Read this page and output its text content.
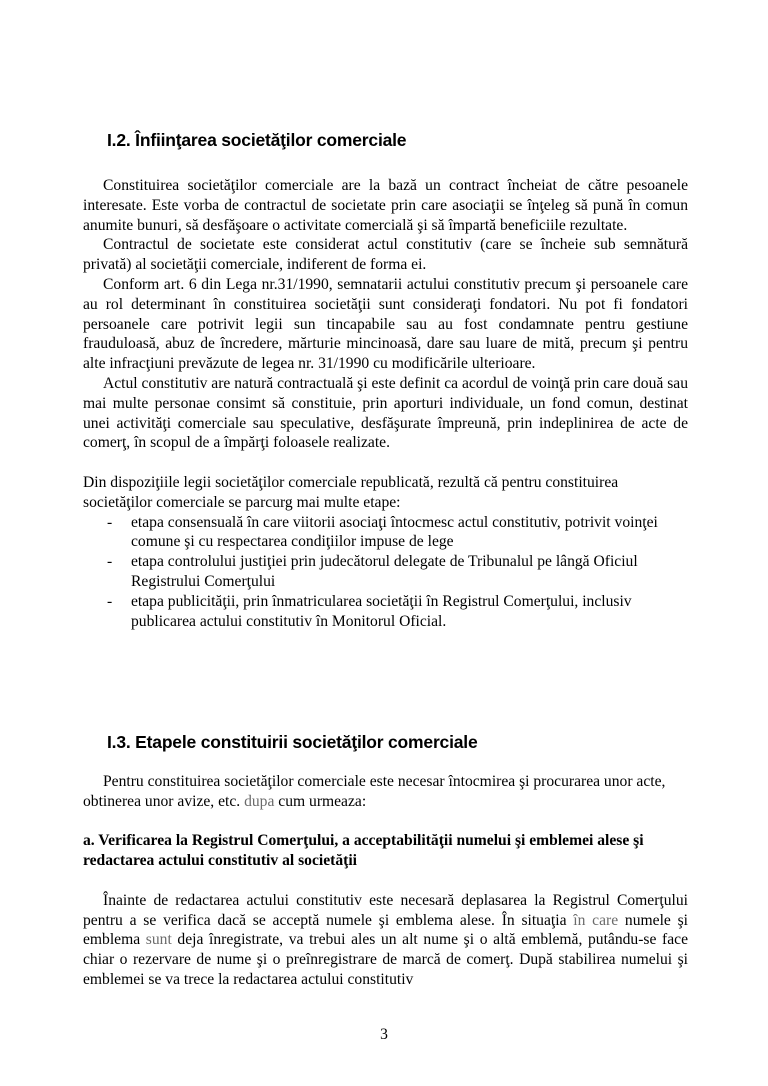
I.2. Înfiinţarea societăţilor comerciale

Constituirea societăţilor comerciale are la bază un contract încheiat de către pesoanele interesate. Este vorba de contractul de societate prin care asociaţii se înţeleg să pună în comun anumite bunuri, să desfăşoare o activitate comercială şi să împartă beneficiile rezultate.

Contractul de societate este considerat actul constitutiv (care se încheie sub semnătură privată) al societăţii comerciale, indiferent de forma ei.

Conform art. 6 din Lega nr.31/1990, semnatarii actului constitutiv precum şi persoanele care au rol determinant în constituirea societăţii sunt consideraţi fondatori. Nu pot fi fondatori persoanele care potrivit legii sun tincapabile sau au fost condamnate pentru gestiune frauduloasă, abuz de încredere, mărturie mincinoasă, dare sau luare de mită, precum şi pentru alte infracţiuni prevăzute de legea nr. 31/1990 cu modificările ulterioare.

Actul constitutiv are natură contractuală şi este definit ca acordul de voinţă prin care două sau mai multe personae consimt să constituie, prin aporturi individuale, un fond comun, destinat unei activităţi comerciale sau speculative, desfăşurate împreună, prin indeplinirea de acte de comerţ, în scopul de a împărţi foloasele realizate.

Din dispoziţiile legii societăţilor comerciale republicată, rezultă că pentru constituirea societăţilor comerciale se parcurg mai multe etape:

- etapa consensuală în care viitorii asociaţi întocmesc actul constitutiv, potrivit voinţei comune şi cu respectarea condiţiilor impuse de lege
- etapa controlului justiţiei prin judecătorul delegate de Tribunalul pe lângă Oficiul Registrului Comerţului
- etapa publicităţii, prin înmatricularea societăţii în Registrul Comerţului, inclusiv publicarea actului constitutiv în Monitorul Oficial.
I.3. Etapele constituirii societăţilor comerciale

Pentru constituirea societăţilor comerciale este necesar întocmirea şi procurarea unor acte, obtinerea unor avize, etc. dupa cum urmeaza:

a. Verificarea la Registrul Comerţului, a acceptabilităţii numelui şi emblemei alese şi redactarea actului constitutiv al societăţii

Înainte de redactarea actului constitutiv este necesară deplasarea la Registrul Comerţului pentru a se verifica dacă se acceptă numele şi emblema alese. În situaţia în care numele şi emblema sunt deja înregistrate, va trebui ales un alt nume şi o altă emblemă, putându-se face chiar o rezervare de nume şi o preînregistrare de marcă de comerţ. După stabilirea numelui şi emblemei se va trece la redactarea actului constitutiv

3
